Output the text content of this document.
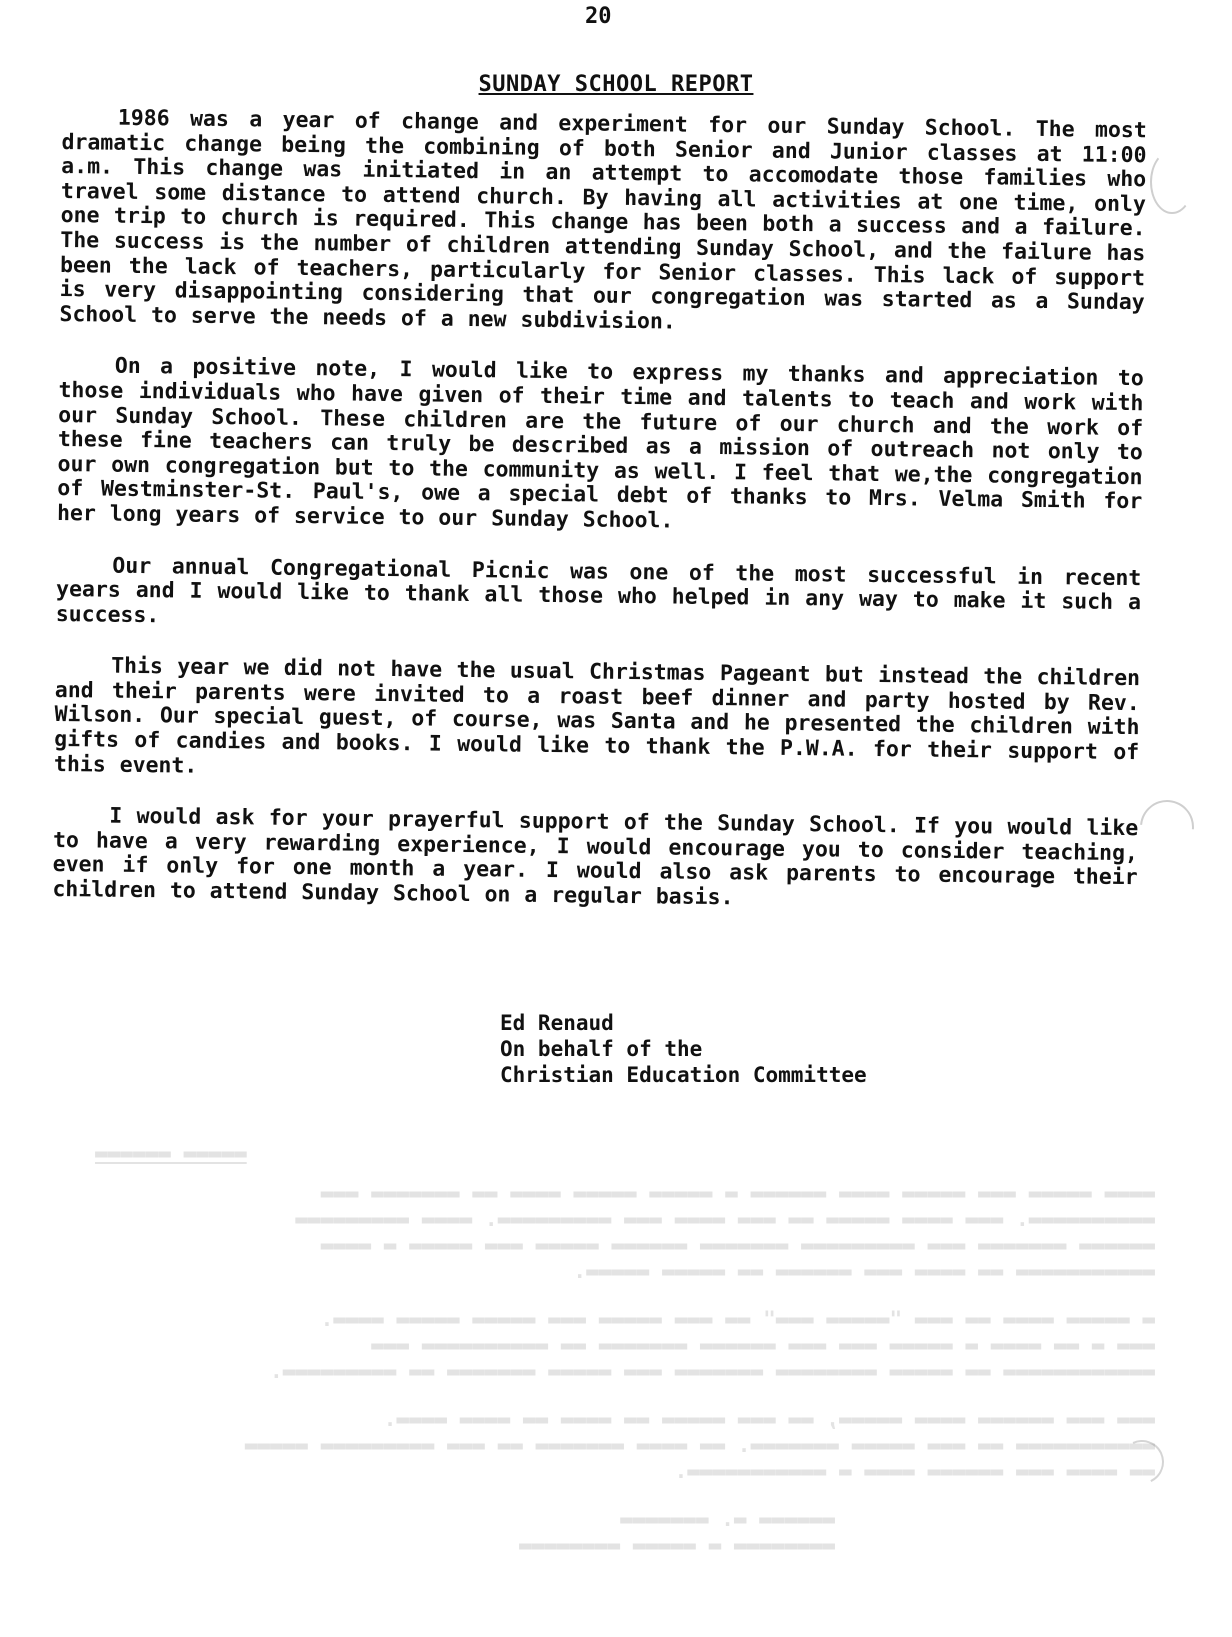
20
SUNDAY SCHOOL REPORT

1986 was a year of change and experiment for our Sunday School. The most dramatic change being the combining of both Senior and Junior classes at 11:00 a.m. This change was initiated in an attempt to accomodate those families who travel some distance to attend church. By having all activities at one time, only one trip to church is required. This change has been both a success and a failure. The success is the number of children attending Sunday School, and the failure has been the lack of teachers, particularly for Senior classes. This lack of support is very disappointing considering that our congregation was started as a Sunday School to serve the needs of a new subdivision.

On a positive note, I would like to express my thanks and appreciation to those individuals who have given of their time and talents to teach and work with our Sunday School. These children are the future of our church and the work of these fine teachers can truly be described as a mission of outreach not only to our own congregation but to the community as well. I feel that we,the congregation of Westminster-St. Paul's, owe a special debt of thanks to Mrs. Velma Smith for her long years of service to our Sunday School.

Our annual Congregational Picnic was one of the most successful in recent years and I would like to thank all those who helped in any way to make it such a success.

This year we did not have the usual Christmas Pageant but instead the children and their parents were invited to a roast beef dinner and party hosted by Rev. Wilson. Our special guest, of course, was Santa and he presented the children with gifts of candies and books. I would like to thank the P.W.A. for their support of this event.

I would ask for your prayerful support of the Sunday School. If you would like to have a very rewarding experience, I would encourage you to consider teaching, even if only for one month a year. I would also ask parents to encourage their children to attend Sunday School on a regular basis.

Ed Renaud
On behalf of the
Christian Education Committee
▬▬▬▬▬ ▬▬▬▬▬▬
▬▬▬▬ ▬▬▬▬▬ ▬▬▬ ▬▬▬▬▬ ▬▬▬▬ ▬▬▬▬▬▬ ▬ ▬▬▬▬▬ ▬▬▬▬▬ ▬▬▬▬ ▬▬ ▬▬▬▬▬▬▬ ▬▬▬
▬▬▬▬▬▬▬▬▬▬. ▬▬▬ ▬▬▬▬ ▬▬▬▬▬ ▬▬ ▬▬▬ ▬▬▬▬ ▬▬▬ ▬▬▬▬▬▬▬▬▬. ▬▬▬▬ ▬▬▬▬▬▬▬▬▬
▬▬▬▬▬▬ ▬▬▬▬▬▬▬ ▬▬▬ ▬▬▬▬▬▬▬▬▬ ▬▬▬▬▬▬▬ ▬▬▬▬▬▬ ▬▬▬▬▬ ▬▬▬ ▬▬▬▬▬ ▬ ▬▬▬▬
▬▬▬▬▬▬▬▬▬▬▬ ▬▬ ▬▬▬▬ ▬▬▬ ▬▬▬▬▬▬ ▬▬ ▬▬▬▬▬ ▬▬▬▬▬.
▬ ▬▬▬▬▬ ▬▬▬▬ ▬▬ ▬▬▬ "▬▬▬▬▬ ▬▬▬" ▬▬ ▬▬▬ ▬▬▬▬▬ ▬▬▬ ▬▬▬▬▬ ▬▬▬▬▬ ▬▬▬▬.
▬▬▬ ▬ ▬▬ ▬▬▬▬ ▬ ▬▬▬▬▬ ▬▬▬ ▬▬▬ ▬▬▬▬▬▬ ▬▬▬▬▬▬▬ ▬▬ ▬▬▬▬▬▬▬▬▬▬ ▬▬▬
▬▬▬▬▬▬▬▬▬▬▬▬ ▬▬ ▬▬▬▬▬ ▬▬▬▬▬▬▬▬ ▬▬▬▬▬▬▬ ▬▬▬ ▬▬▬▬▬ ▬▬▬▬▬▬▬ ▬▬ ▬▬▬▬▬▬▬▬▬.
▬▬▬ ▬▬▬ ▬▬▬▬▬▬ ▬▬▬▬ ▬▬▬▬▬, ▬▬ ▬▬▬ ▬▬▬▬▬ ▬▬ ▬▬▬▬ ▬▬ ▬▬▬▬ ▬▬▬▬.
▬▬▬▬▬▬▬▬▬▬▬ ▬▬ ▬▬▬ ▬▬▬▬▬ ▬▬▬▬▬▬▬. ▬▬ ▬▬▬▬ ▬▬▬▬▬▬▬ ▬▬ ▬▬▬ ▬▬▬▬▬▬▬▬▬ ▬▬▬▬▬
▬▬ ▬▬▬▬ ▬▬▬ ▬▬▬▬▬▬ ▬▬▬▬ ▬ ▬▬▬▬▬▬▬▬▬▬▬.
▬▬▬▬▬▬ ▬. ▬▬▬▬▬▬▬
▬▬▬▬▬▬▬▬ ▬ ▬▬▬▬▬ ▬▬▬▬▬▬▬▬
